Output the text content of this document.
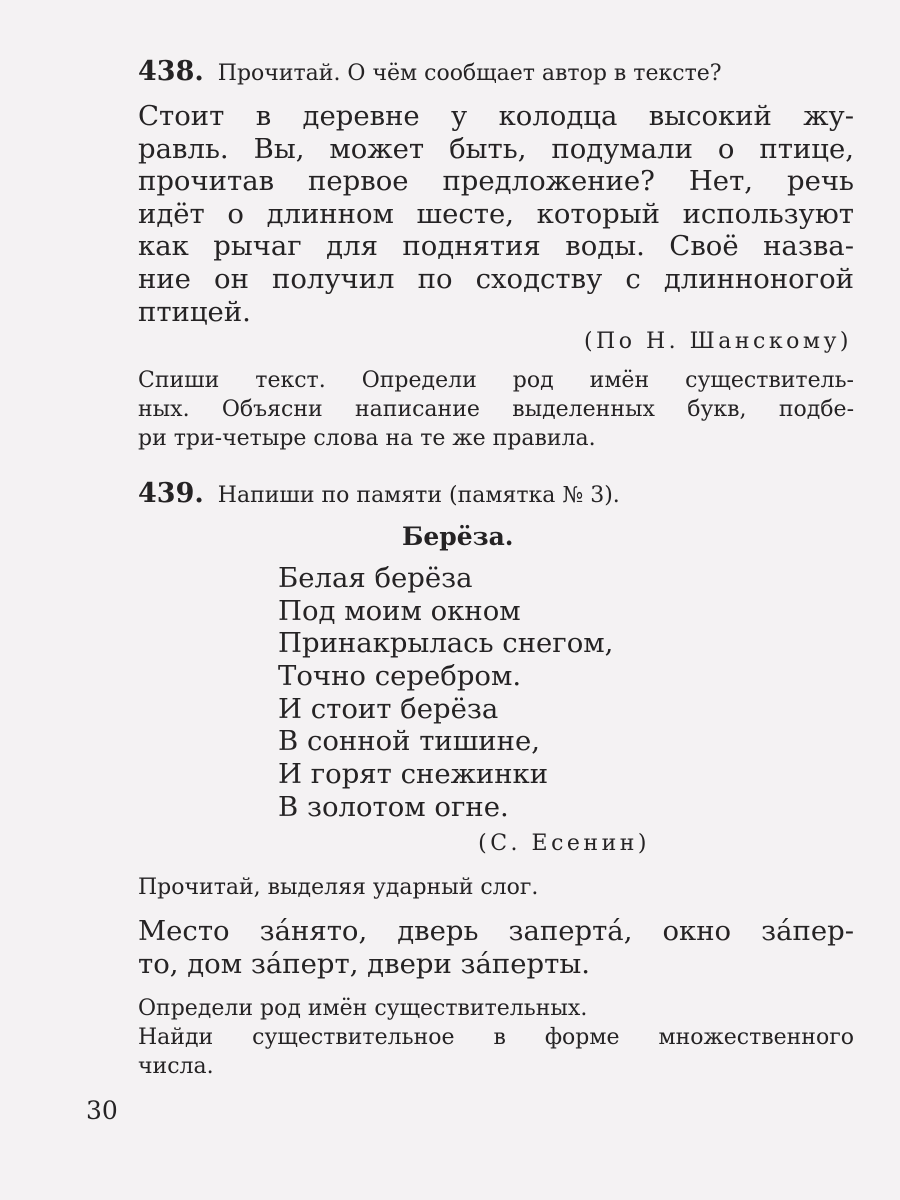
438. Прочитай. О чём сообщает автор в тексте?
Стоит в деревне у колодца высокий жу-
равль. Вы, может быть, подумали о птице,
прочитав первое предложение? Нет, речь
идёт о длинном шесте, который используют
как рычаг для поднятия воды. Своё назва-
ние он получил по сходству с длинноногой
птицей.
(По Н. Шанскому)
Спиши текст. Определи род имён существитель-
ных. Объясни написание выделенных букв, подбе-
ри три-четыре слова на те же правила.
439. Напиши по памяти (памятка № 3).
Берёза.
Белая берёза
Под моим окном
Принакрылась снегом,
Точно серебром.
И стоит берёза
В сонной тишине,
И горят снежинки
В золотом огне.
(С. Есенин)
Прочитай, выделяя ударный слог.
Место за́нято, дверь заперта́, окно за́пер-
то, дом за́перт, двери за́перты.
Определи род имён существительных.
Найди существительное в форме множественного
числа.
30
